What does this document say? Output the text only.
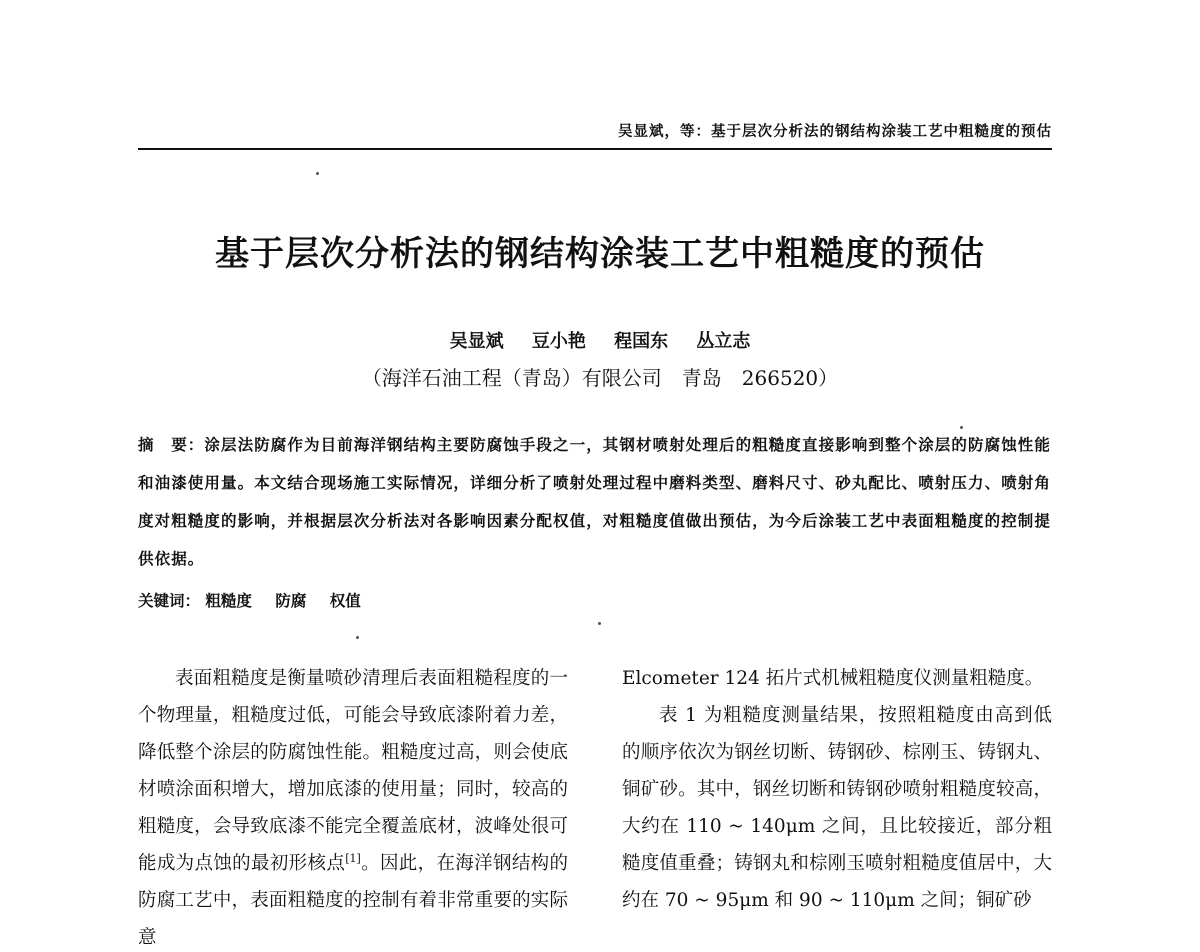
吴显斌，等：基于层次分析法的钢结构涂装工艺中粗糙度的预估
基于层次分析法的钢结构涂装工艺中粗糙度的预估
吴显斌 豆小艳 程国东 丛立志
（海洋石油工程（青岛）有限公司　青岛　266520）
摘　要：涂层法防腐作为目前海洋钢结构主要防腐蚀手段之一，其钢材喷射处理后的粗糙度直接影响到整个涂层的防腐蚀性能和油漆使用量。本文结合现场施工实际情况，详细分析了喷射处理过程中磨料类型、磨料尺寸、砂丸配比、喷射压力、喷射角度对粗糙度的影响，并根据层次分析法对各影响因素分配权值，对粗糙度值做出预估，为今后涂装工艺中表面粗糙度的控制提供依据。
关键词： 粗糙度 防腐 权值

表面粗糙度是衡量喷砂清理后表面粗糙程度的一个物理量，粗糙度过低，可能会导致底漆附着力差，降低整个涂层的防腐蚀性能。粗糙度过高，则会使底材喷涂面积增大，增加底漆的使用量；同时，较高的粗糙度，会导致底漆不能完全覆盖底材，波峰处很可能成为点蚀的最初形核点[1]。因此，在海洋钢结构的防腐工艺中，表面粗糙度的控制有着非常重要的实际意

Elcometer 124 拓片式机械粗糙度仪测量粗糙度。

表 1 为粗糙度测量结果，按照粗糙度由高到低的顺序依次为钢丝切断、铸钢砂、棕刚玉、铸钢丸、铜矿砂。其中，钢丝切断和铸钢砂喷射粗糙度较高，大约在 110 ~ 140μm 之间，且比较接近，部分粗糙度值重叠；铸钢丸和棕刚玉喷射粗糙度值居中，大约在 70 ~ 95μm 和 90 ~ 110μm 之间；铜矿砂
